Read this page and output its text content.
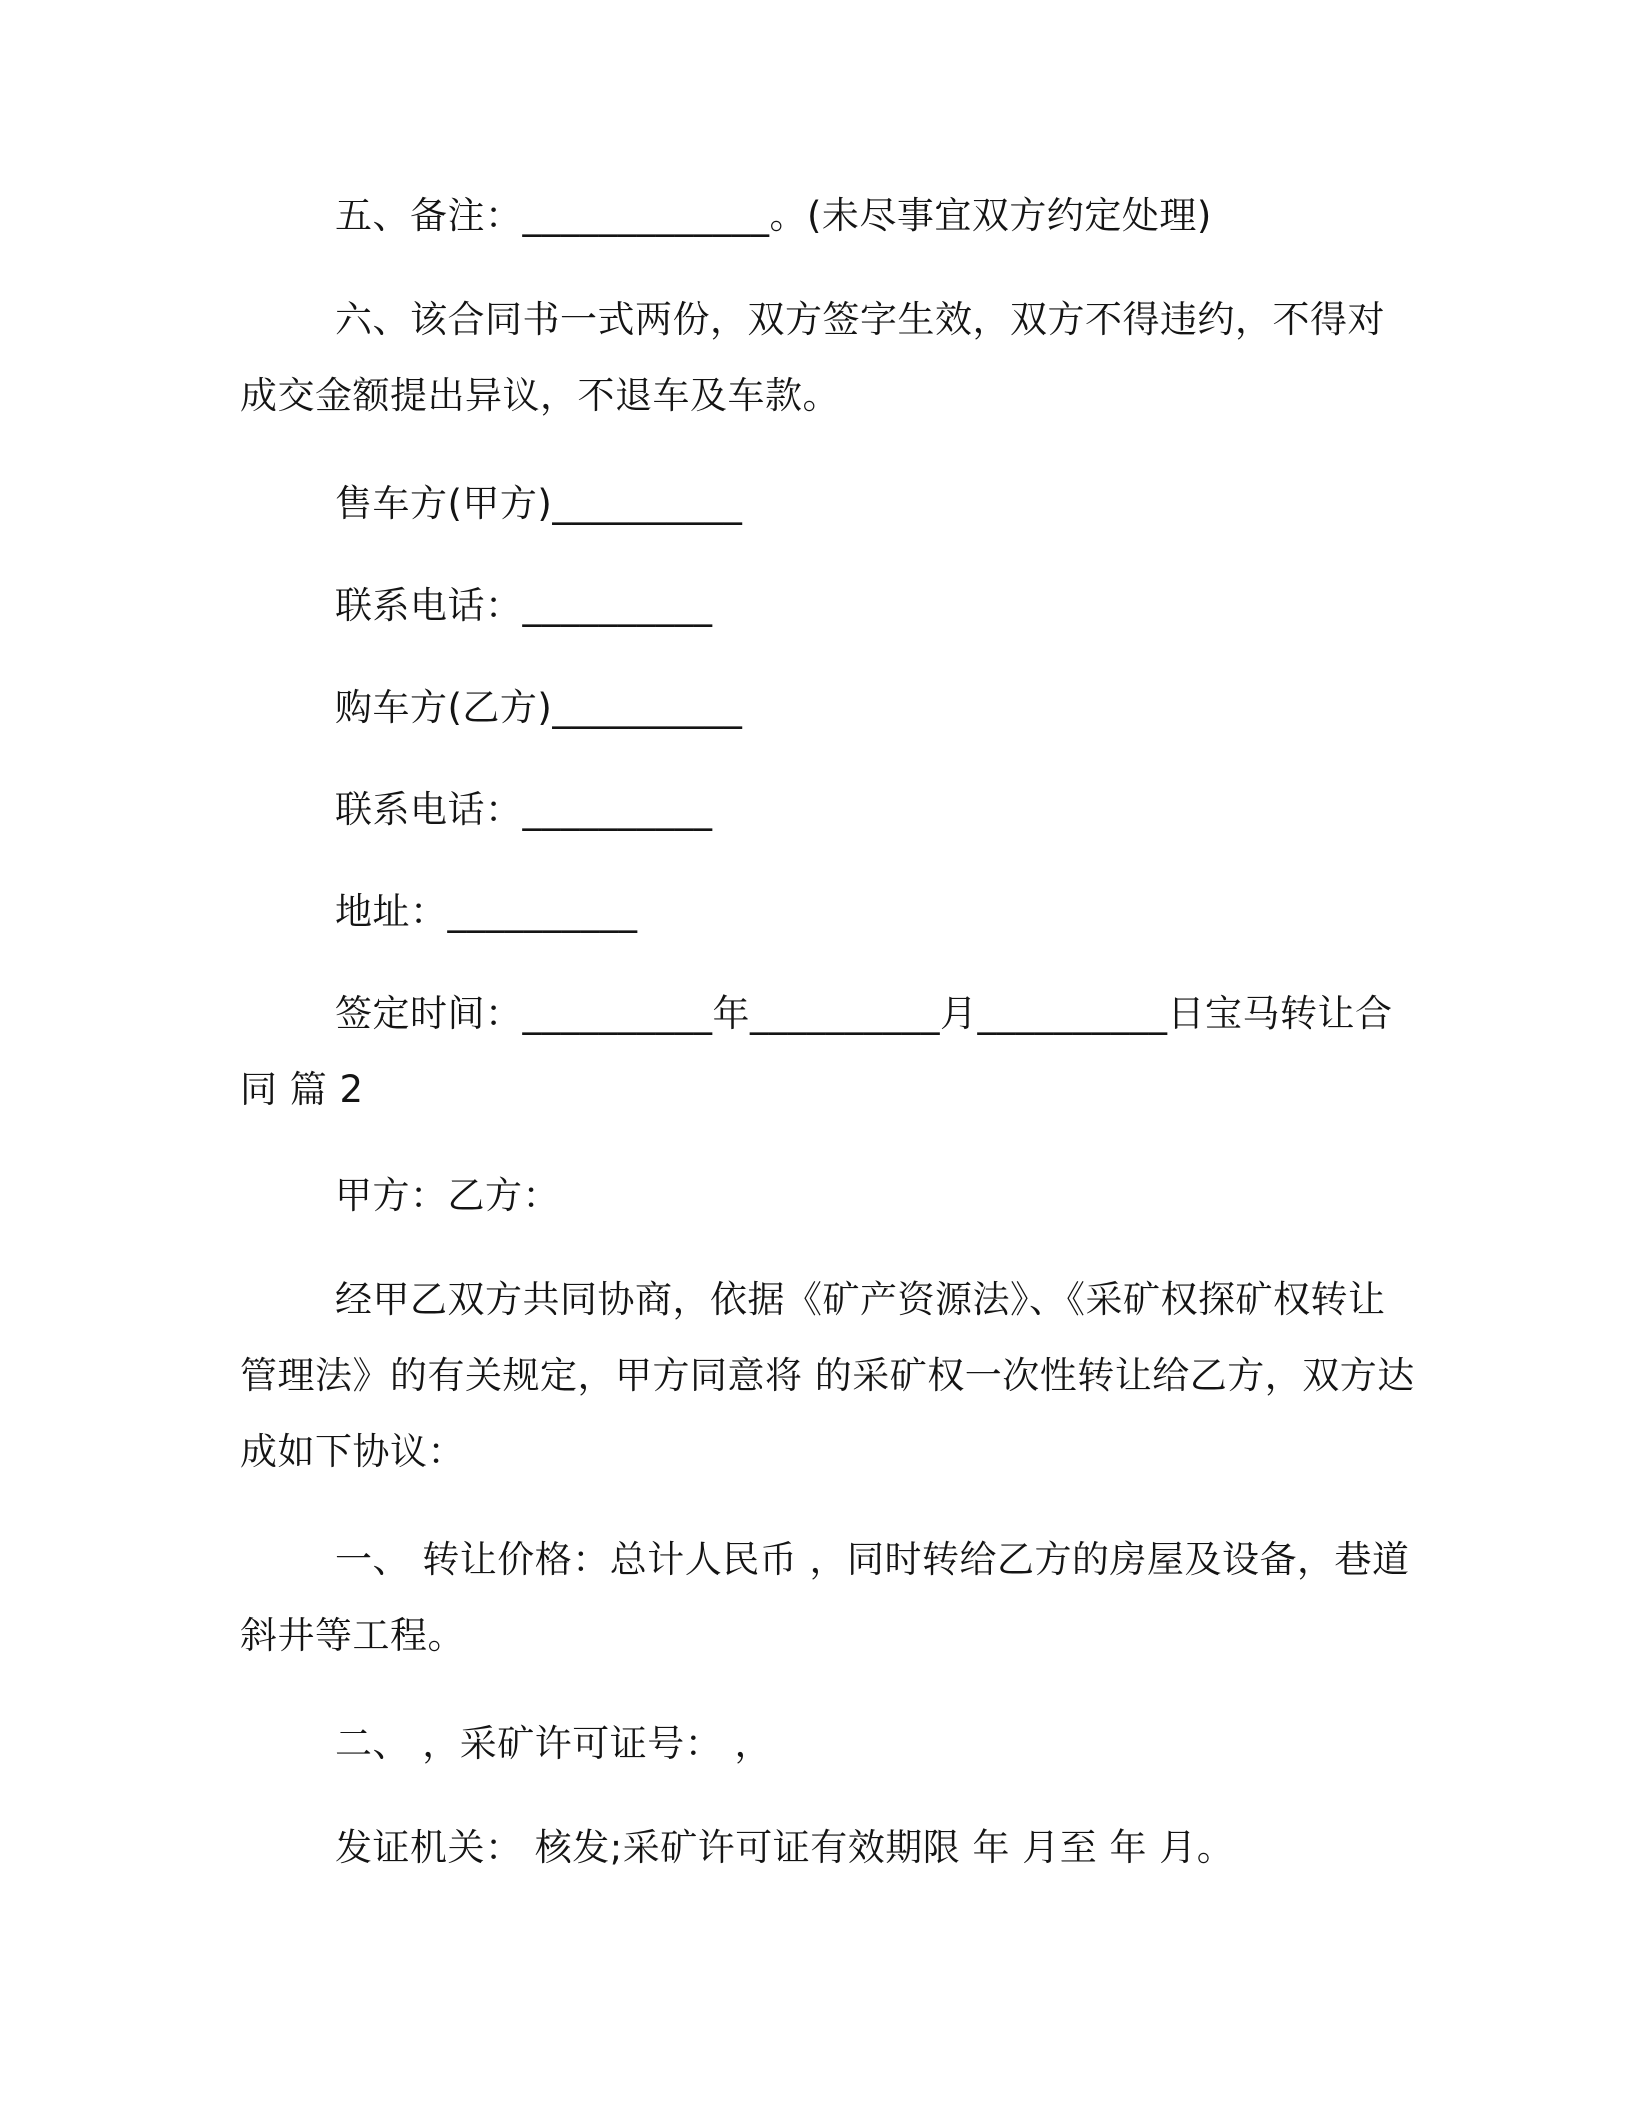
五、备注：_____________。(未尽事宜双方约定处理)

六、该合同书一式两份，双方签字生效，双方不得违约，不得对成交金额提出异议，不退车及车款。

售车方(甲方)__________

联系电话：__________

购车方(乙方)__________

联系电话：__________

地址：__________

签定时间：__________年__________月__________日宝马转让合同 篇 2

甲方：乙方：

经甲乙双方共同协商，依据《矿产资源法》、《采矿权探矿权转让管理法》的有关规定，甲方同意将 的采矿权一次性转让给乙方，双方达成如下协议：

一、 转让价格：总计人民币 ，同时转给乙方的房屋及设备，巷道斜井等工程。

二、 ，采矿许可证号： ，

发证机关： 核发;采矿许可证有效期限 年 月至 年 月。
